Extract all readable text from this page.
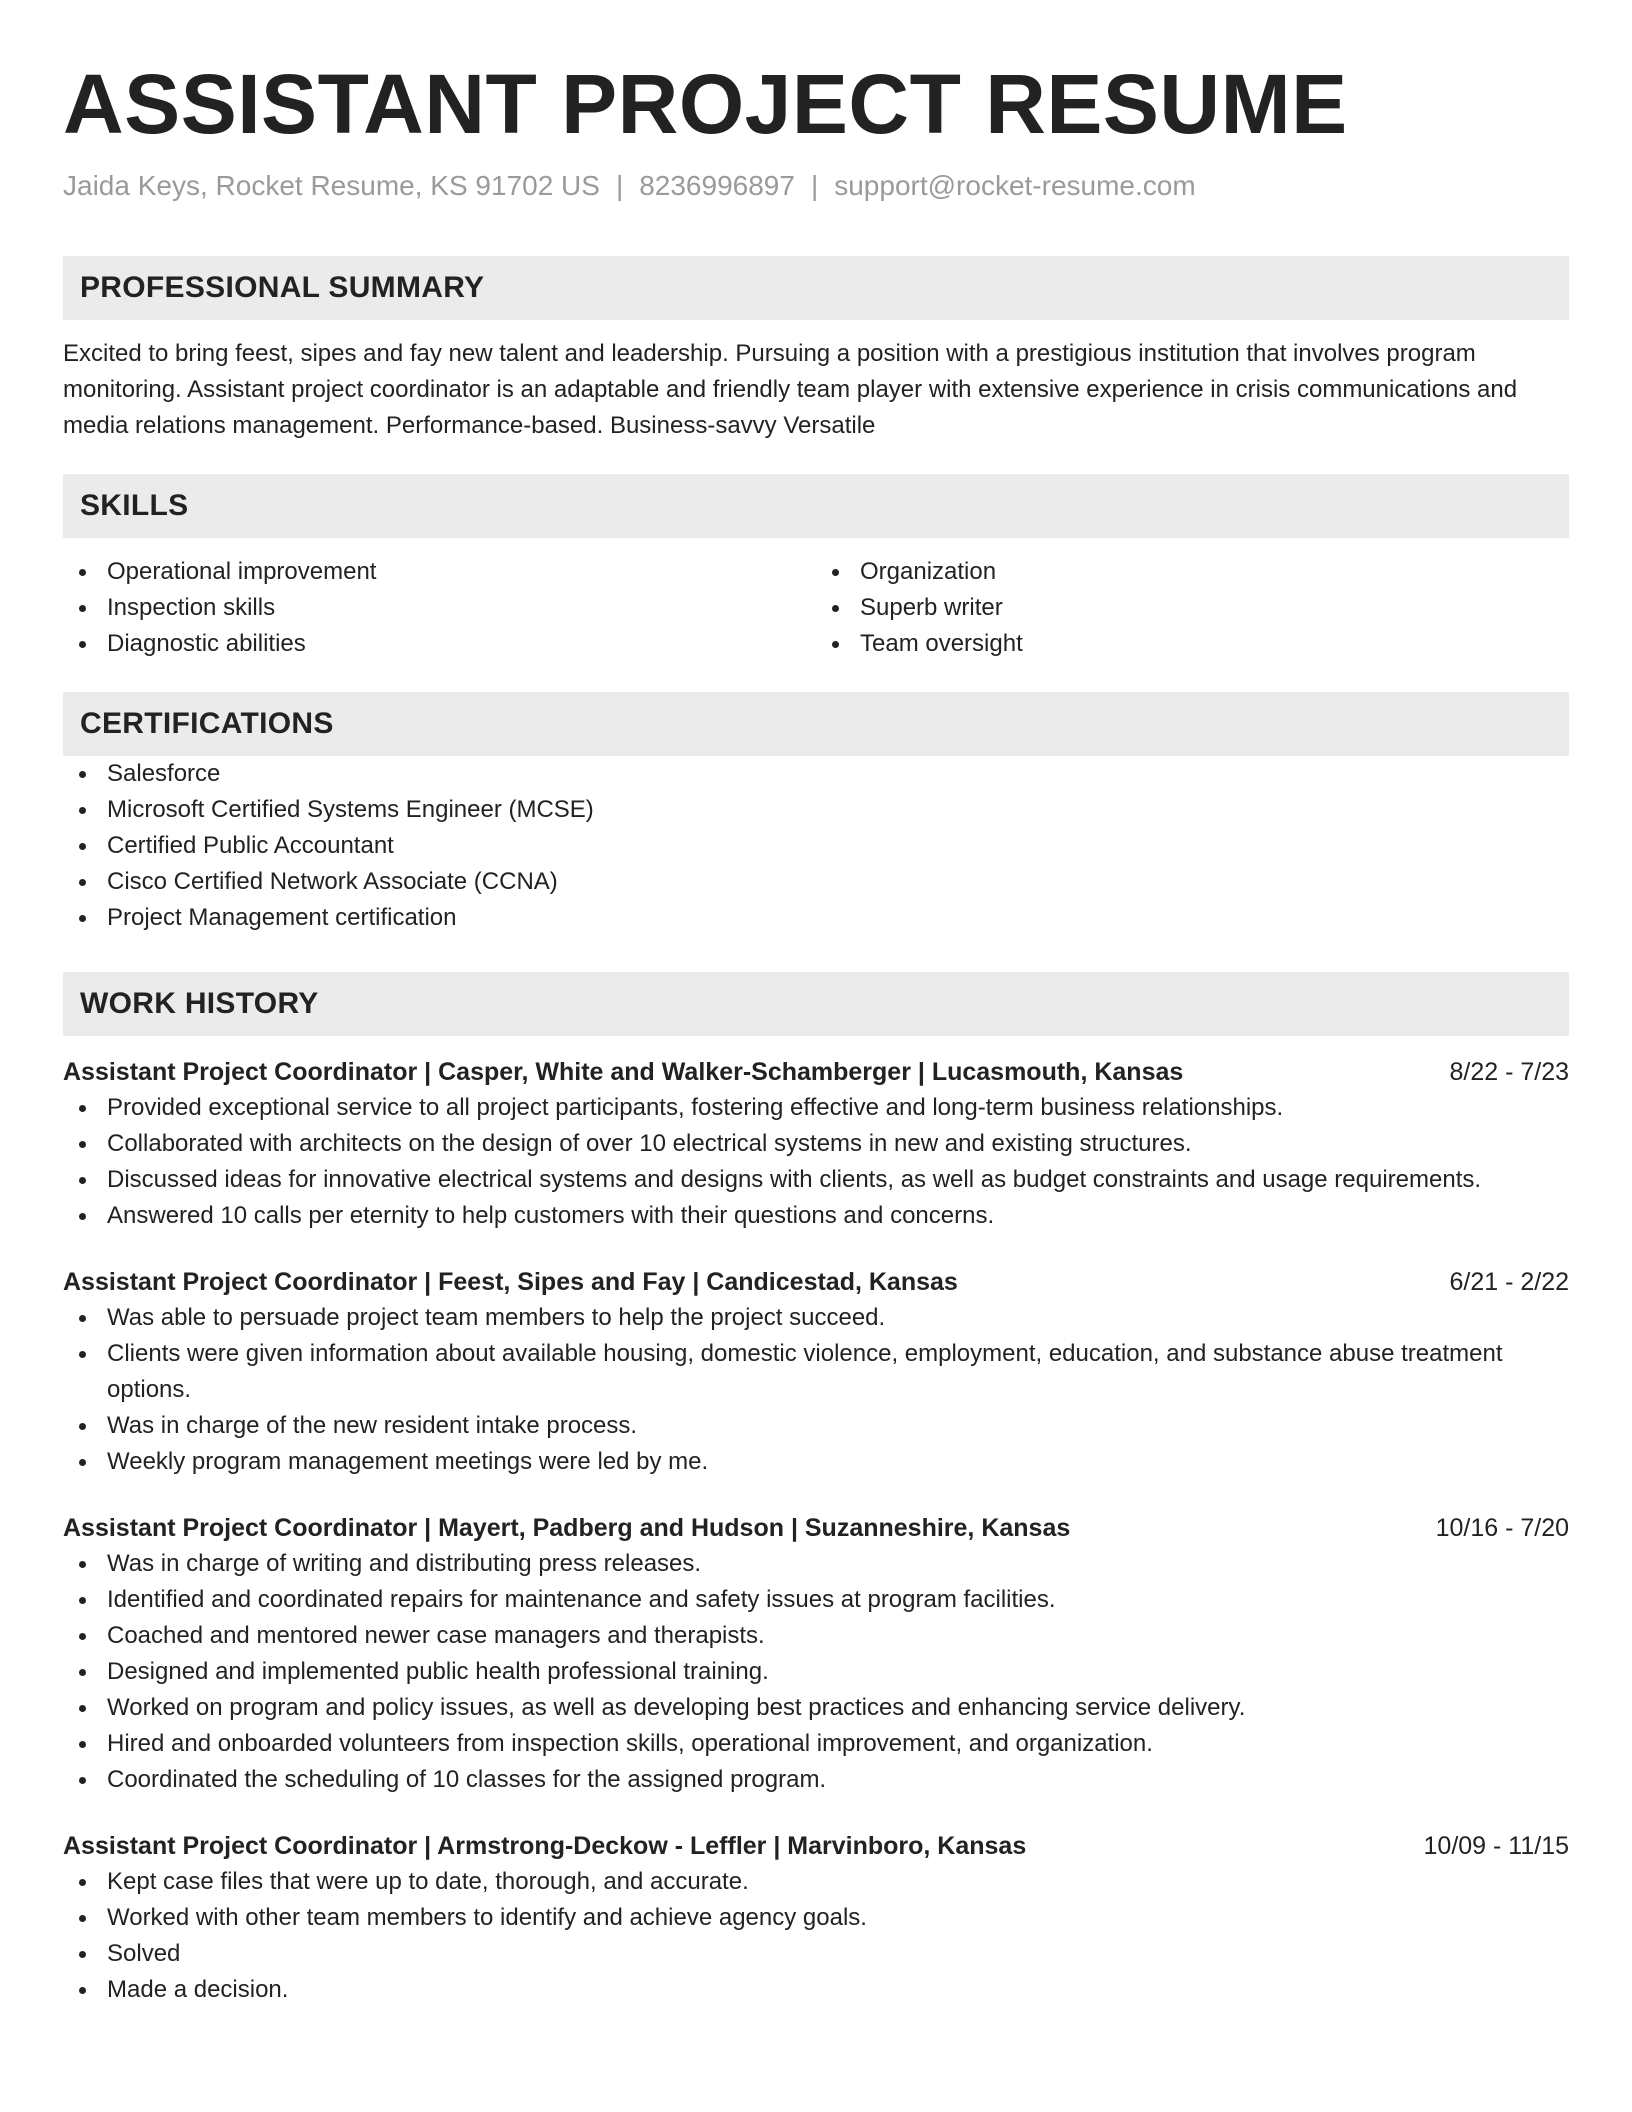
ASSISTANT PROJECT RESUME
Jaida Keys, Rocket Resume, KS 91702 US | 8236996897 | support@rocket-resume.com
PROFESSIONAL SUMMARY
Excited to bring feest, sipes and fay new talent and leadership. Pursuing a position with a prestigious institution that involves program monitoring. Assistant project coordinator is an adaptable and friendly team player with extensive experience in crisis communications and media relations management. Performance-based. Business-savvy Versatile
SKILLS
Operational improvement
Inspection skills
Diagnostic abilities
Organization
Superb writer
Team oversight
CERTIFICATIONS
Salesforce
Microsoft Certified Systems Engineer (MCSE)
Certified Public Accountant
Cisco Certified Network Associate (CCNA)
Project Management certification
WORK HISTORY
Assistant Project Coordinator | Casper, White and Walker-Schamberger | Lucasmouth, Kansas	8/22 - 7/23
Provided exceptional service to all project participants, fostering effective and long-term business relationships.
Collaborated with architects on the design of over 10 electrical systems in new and existing structures.
Discussed ideas for innovative electrical systems and designs with clients, as well as budget constraints and usage requirements.
Answered 10 calls per eternity to help customers with their questions and concerns.
Assistant Project Coordinator | Feest, Sipes and Fay | Candicestad, Kansas	6/21 - 2/22
Was able to persuade project team members to help the project succeed.
Clients were given information about available housing, domestic violence, employment, education, and substance abuse treatment options.
Was in charge of the new resident intake process.
Weekly program management meetings were led by me.
Assistant Project Coordinator | Mayert, Padberg and Hudson | Suzanneshire, Kansas	10/16 - 7/20
Was in charge of writing and distributing press releases.
Identified and coordinated repairs for maintenance and safety issues at program facilities.
Coached and mentored newer case managers and therapists.
Designed and implemented public health professional training.
Worked on program and policy issues, as well as developing best practices and enhancing service delivery.
Hired and onboarded volunteers from inspection skills, operational improvement, and organization.
Coordinated the scheduling of 10 classes for the assigned program.
Assistant Project Coordinator | Armstrong-Deckow - Leffler | Marvinboro, Kansas	10/09 - 11/15
Kept case files that were up to date, thorough, and accurate.
Worked with other team members to identify and achieve agency goals.
Solved
Made a decision.
